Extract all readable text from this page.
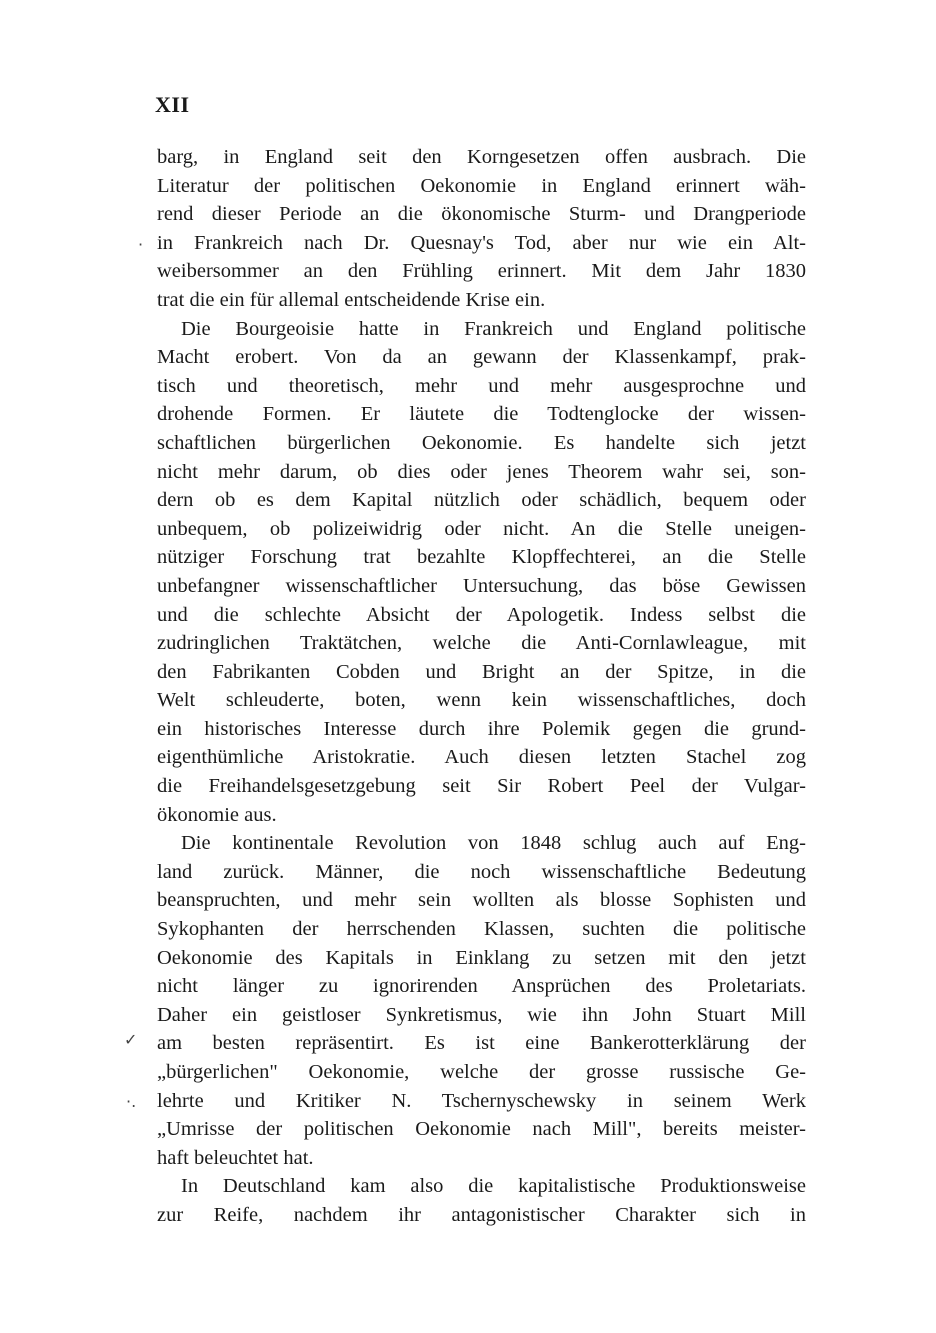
XII
·
✓
·.
barg, in England seit den Korngesetzen offen ausbrach. Die
Literatur der politischen Oekonomie in England erinnert wäh-
rend dieser Periode an die ökonomische Sturm- und Drangperiode
in Frankreich nach Dr. Quesnay's Tod, aber nur wie ein Alt-
weibersommer an den Frühling erinnert. Mit dem Jahr 1830
trat die ein für allemal entscheidende Krise ein.
Die Bourgeoisie hatte in Frankreich und England politische
Macht erobert. Von da an gewann der Klassenkampf, prak-
tisch und theoretisch, mehr und mehr ausgesprochne und
drohende Formen. Er läutete die Todtenglocke der wissen-
schaftlichen bürgerlichen Oekonomie. Es handelte sich jetzt
nicht mehr darum, ob dies oder jenes Theorem wahr sei, son-
dern ob es dem Kapital nützlich oder schädlich, bequem oder
unbequem, ob polizeiwidrig oder nicht. An die Stelle uneigen-
nütziger Forschung trat bezahlte Klopffechterei, an die Stelle
unbefangner wissenschaftlicher Untersuchung, das böse Gewissen
und die schlechte Absicht der Apologetik. Indess selbst die
zudringlichen Traktätchen, welche die Anti-Cornlawleague, mit
den Fabrikanten Cobden und Bright an der Spitze, in die
Welt schleuderte, boten, wenn kein wissenschaftliches, doch
ein historisches Interesse durch ihre Polemik gegen die grund-
eigenthümliche Aristokratie. Auch diesen letzten Stachel zog
die Freihandelsgesetzgebung seit Sir Robert Peel der Vulgar-
ökonomie aus.
Die kontinentale Revolution von 1848 schlug auch auf Eng-
land zurück. Männer, die noch wissenschaftliche Bedeutung
beanspruchten, und mehr sein wollten als blosse Sophisten und
Sykophanten der herrschenden Klassen, suchten die politische
Oekonomie des Kapitals in Einklang zu setzen mit den jetzt
nicht länger zu ignorirenden Ansprüchen des Proletariats.
Daher ein geistloser Synkretismus, wie ihn John Stuart Mill
am besten repräsentirt. Es ist eine Bankerotterklärung der
„bürgerlichen" Oekonomie, welche der grosse russische Ge-
lehrte und Kritiker N. Tschernyschewsky in seinem Werk
„Umrisse der politischen Oekonomie nach Mill", bereits meister-
haft beleuchtet hat.
In Deutschland kam also die kapitalistische Produktionsweise
zur Reife, nachdem ihr antagonistischer Charakter sich in
